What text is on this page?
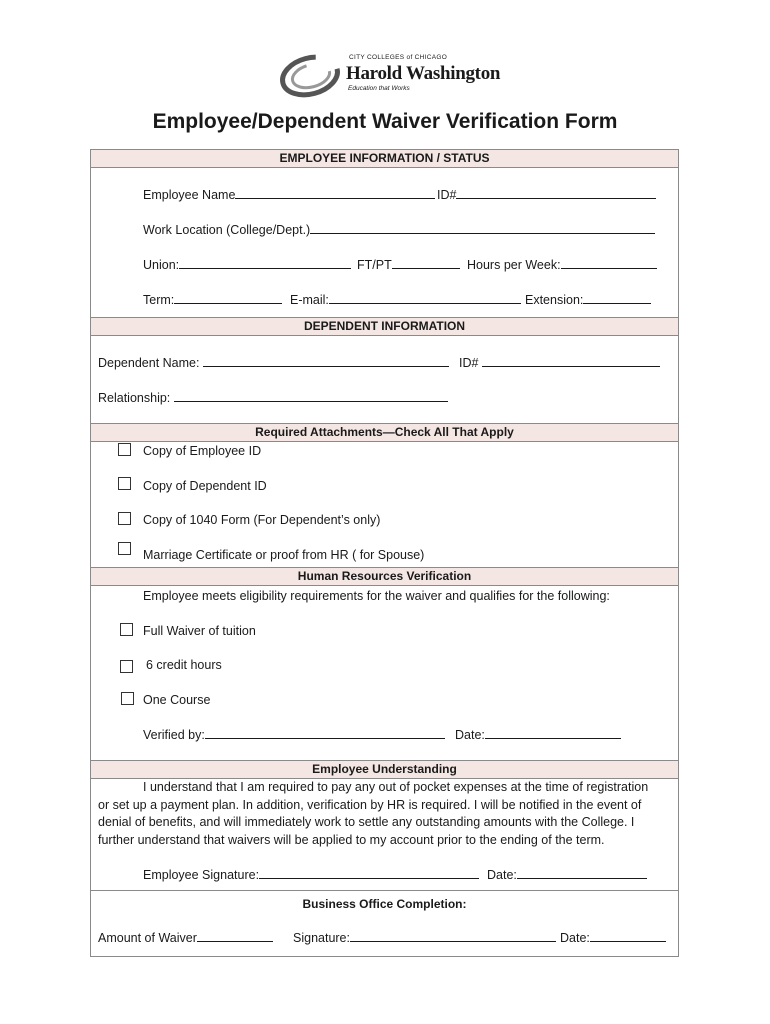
CITY COLLEGES of CHICAGO
Harold Washington
Education that Works
Employee/Dependent Waiver Verification Form
EMPLOYEE INFORMATION / STATUS
Employee Name	ID#
Work Location (College/Dept.)
Union:	FT/PT	Hours per Week:
Term:	E-mail:	Extension:
DEPENDENT INFORMATION
Dependent Name:	ID#
Relationship:
Required Attachments—Check All That Apply
Copy of Employee ID
Copy of Dependent ID
Copy of 1040 Form (For Dependent’s only)
Marriage Certificate or proof from HR ( for Spouse)
Human Resources Verification
Employee meets eligibility requirements for the waiver and qualifies for the following:
Full Waiver of tuition
6 credit hours
One Course
Verified by:	Date:
Employee Understanding
I understand that I am required to pay any out of pocket expenses at the time of registration
or set up a payment plan. In addition, verification by HR is required. I will be notified in the event of
denial of benefits, and will immediately work to settle any outstanding amounts with the College. I
further understand that waivers will be applied to my account prior to the ending of the term.
Employee Signature:	Date:
Business Office Completion:
Amount of Waiver	Signature:	Date:
